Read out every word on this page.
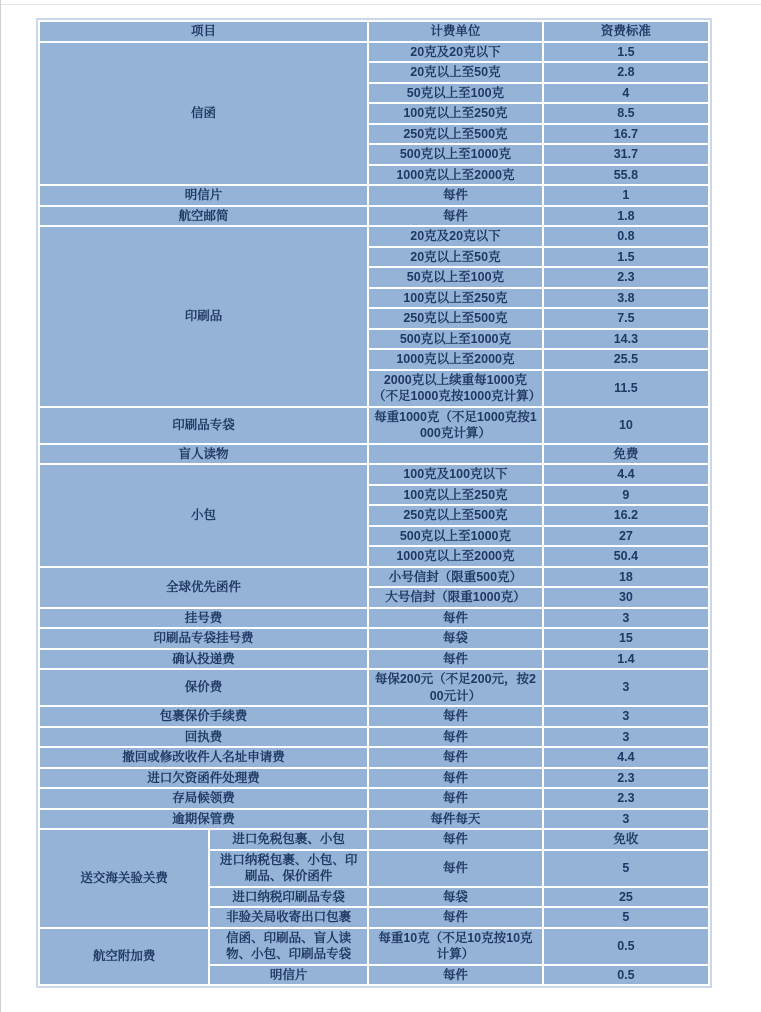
项目		计费单位	资费标准
信函		20克及20克以下	1.5
		20克以上至50克	2.8
		50克以上至100克	4
		100克以上至250克	8.5
		250克以上至500克	16.7
		500克以上至1000克	31.7
		1000克以上至2000克	55.8
明信片		每件	1
航空邮简		每件	1.8
印刷品		20克及20克以下	0.8
		20克以上至50克	1.5
		50克以上至100克	2.3
		100克以上至250克	3.8
		250克以上至500克	7.5
		500克以上至1000克	14.3
		1000克以上至2000克	25.5
		2000克以上续重每1000克（不足1000克按1000克计算）	11.5
印刷品专袋		每重1000克（不足1000克按1000克计算）	10
盲人读物			免费
小包		100克及100克以下	4.4
		100克以上至250克	9
		250克以上至500克	16.2
		500克以上至1000克	27
		1000克以上至2000克	50.4
全球优先函件		小号信封（限重500克）	18
		大号信封（限重1000克）	30
挂号费		每件	3
印刷品专袋挂号费		每袋	15
确认投递费		每件	1.4
保价费		每保200元（不足200元，按200元计）	3
包裹保价手续费		每件	3
回执费		每件	3
撤回或修改收件人名址申请费		每件	4.4
进口欠资函件处理费		每件	2.3
存局候领费		每件	2.3
逾期保管费		每件每天	3
送交海关验关费	进口免税包裹、小包	每件	免收
	进口纳税包裹、小包、印刷品、保价函件	每件	5
	进口纳税印刷品专袋	每袋	25
	非验关局收寄出口包裹	每件	5
航空附加费	信函、印刷品、盲人读物、小包、印刷品专袋	每重10克（不足10克按10克计算）	0.5
	明信片	每件	0.5
